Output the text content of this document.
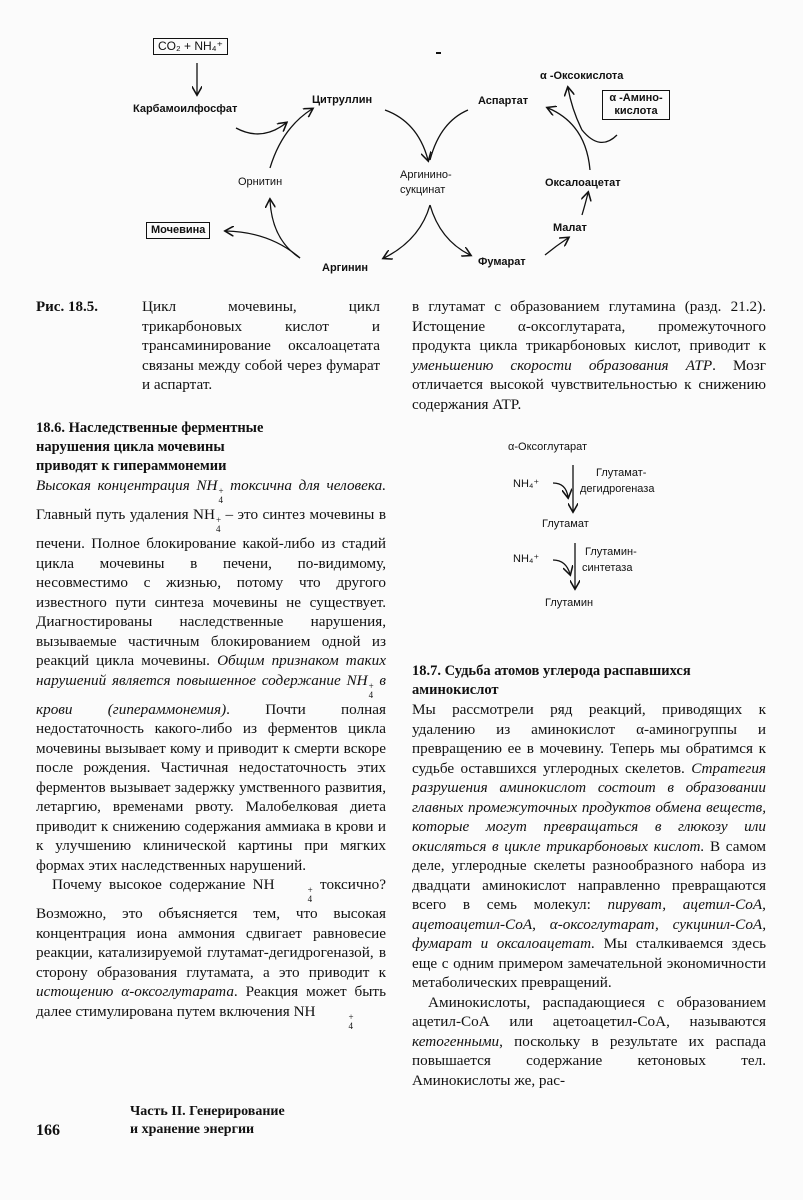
CO₂ + NH₄⁺
Карбамоилфосфат
Цитруллин
Орнитин
Мочевина
Аргинин
Аргинино-
сукцинат
Аспартат
Фумарат
Малат
Оксалоацетат
α -Оксокислота
α -Амино-
кислота
Рис. 18.5.	Цикл мочевины, цикл трикарбоновых кислот и трансаминирование оксалоацетата связаны между собой через фумарат и аспартат.

18.6. Наследственные ферментные
нарушения цикла мочевины
приводят к гипераммонемии

Высокая концентрация NH +
4
токсична для человека. Главный путь удаления NH +
4
– это синтез мочевины в печени. Полное блокирование какой-либо из стадий цикла мочевины в печени, по-видимому, несовместимо с жизнью, потому что другого известного пути синтеза мочевины не существует. Диагностированы наследственные нарушения, вызываемые частичным блокированием одной из реакций цикла мочевины. Общим признаком таких нарушений является повышенное содержание NH +
4
в крови (гипераммонемия). Почти полная недостаточность какого-либо из ферментов цикла мочевины вызывает кому и приводит к смерти вскоре после рождения. Частичная недостаточность этих ферментов вызывает задержку умственного развития, летаргию, временами рвоту. Малобелковая диета приводит к снижению содержания аммиака в крови и к улучшению клинической картины при мягких формах этих наследственных нарушений.

Почему высокое содержание NH	+
4
токсично? Возможно, это объясняется тем, что высокая концентрация иона аммония сдвигает равновесие реакции, катализируемой глутамат-дегидрогеназой, в сторону образования глутамата, а это приводит к истощению α-оксоглутарата. Реакция может быть далее стимулирована путем включения NH	+
4

в глутамат с образованием глутамина (разд. 21.2). Истощение α-оксоглутарата, промежуточного продукта цикла трикарбоновых кислот, приводит к уменьшению скорости образования ATP. Мозг отличается высокой чувствительностью к снижению содержания ATP.

α-Оксоглутарат
NH₄⁺
Глутамат-
дегидрогеназа
Глутамат
NH₄⁺
Глутамин-
синтетаза
Глутамин

18.7. Судьба атомов углерода распавшихся
аминокислот

Мы рассмотрели ряд реакций, приводящих к удалению из аминокислот α-аминогруппы и превращению ее в мочевину. Теперь мы обратимся к судьбе оставшихся углеродных скелетов. Стратегия разрушения аминокислот состоит в образовании главных промежуточных продуктов обмена веществ, которые могут превращаться в глюкозу или окисляться в цикле трикарбоновых кислот. В самом деле, углеродные скелеты разнообразного набора из двадцати аминокислот направленно превращаются всего в семь молекул: пируват, ацетил-СоА, ацетоацетил-СоА, α-оксоглутарат, сукцинил-СоА, фумарат и оксалоацетат. Мы сталкиваемся здесь еще с одним примером замечательной экономичности метаболических превращений.

Аминокислоты, распадающиеся с образованием ацетил-СоА или ацетоацетил-СоА, называются кетогенными, поскольку в результате их распада повышается содержание кетоновых тел. Аминокислоты же, рас-

166
Часть II. Генерирование
и хранение энергии
